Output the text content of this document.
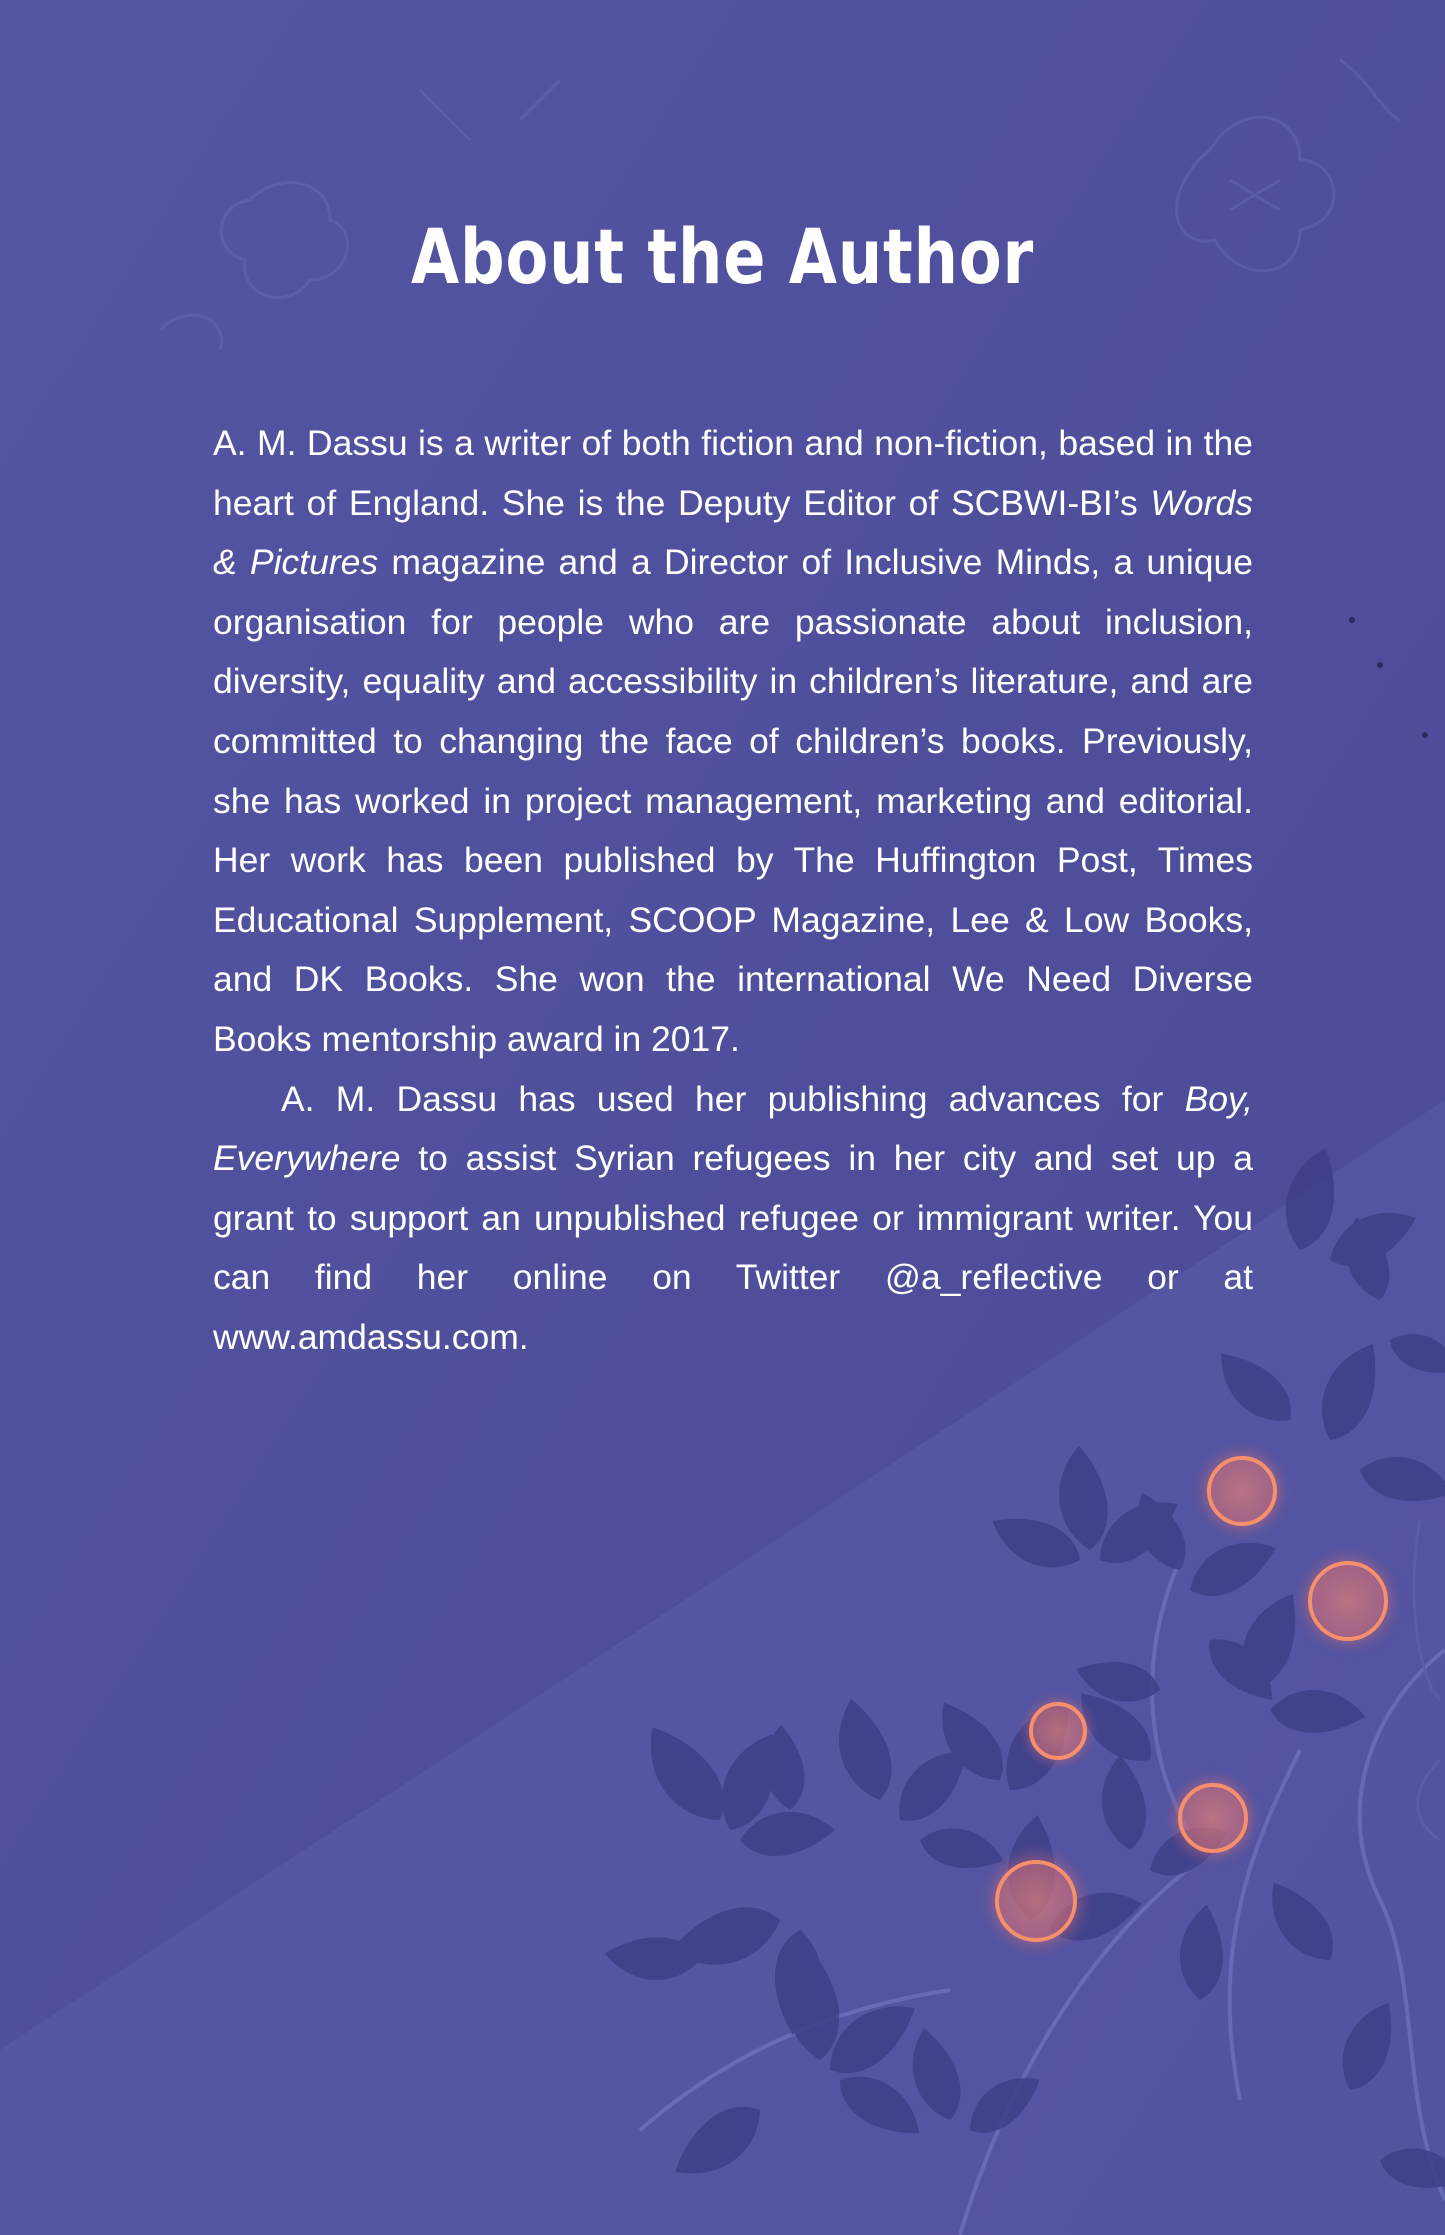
About the Author

A. M. Dassu is a writer of both fiction and non-fiction, based in the heart of England. She is the Deputy Editor of SCBWI-BI’s Words & Pictures magazine and a Director of Inclusive Minds, a unique organisation for people who are passionate about inclusion, diversity, equality and accessibility in children’s literature, and are committed to changing the face of children’s books. Previously, she has worked in project management, marketing and editorial. Her work has been published by The Huffington Post, Times Educational Supplement, SCOOP Magazine, Lee & Low Books, and DK Books. She won the international We Need Diverse Books mentorship award in 2017.

A. M. Dassu has used her publishing advances for Boy, Everywhere to assist Syrian refugees in her city and set up a grant to support an unpublished refugee or immigrant writer. You can find her online on Twitter @a_reflective or at www.amdassu.com.
